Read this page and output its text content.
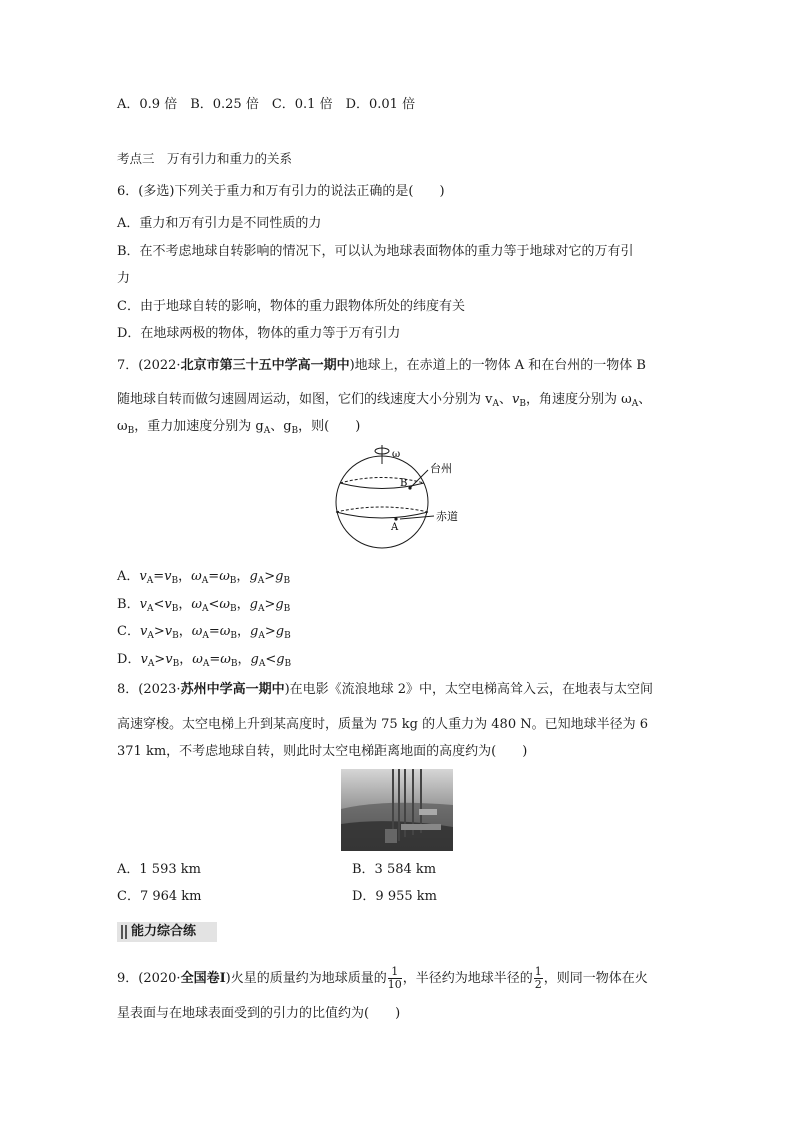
A．0.9 倍　B．0.25 倍　C．0.1 倍　D．0.01 倍
考点三　万有引力和重力的关系
6．(多选)下列关于重力和万有引力的说法正确的是(　　)
A．重力和万有引力是不同性质的力
B．在不考虑地球自转影响的情况下，可以认为地球表面物体的重力等于地球对它的万有引
力
C．由于地球自转的影响，物体的重力跟物体所处的纬度有关
D．在地球两极的物体，物体的重力等于万有引力
7．(2022·北京市第三十五中学高一期中)地球上，在赤道上的一物体 A 和在台州的一物体 B
随地球自转而做匀速圆周运动，如图，它们的线速度大小分别为 $v_A$、$v_B$，角速度分别为 $\omega_A$、
$\omega_B$，重力加速度分别为 $g_A$、$g_B$，则(　　)
ω
台州
B
A
赤道
A．$v_A=v_B$，$\omega_A=\omega_B$，$g_A>g_B$
B．$v_A<v_B$，$\omega_A<\omega_B$，$g_A>g_B$
C．$v_A>v_B$，$\omega_A=\omega_B$，$g_A>g_B$
D．$v_A>v_B$，$\omega_A=\omega_B$，$g_A<g_B$
8．(2023·苏州中学高一期中)在电影《流浪地球 2》中，太空电梯高耸入云，在地表与太空间
高速穿梭。太空电梯上升到某高度时，质量为 75 kg 的人重力为 480 N。已知地球半径为 6
371 km，不考虑地球自转，则此时太空电梯距离地面的高度约为(　　)
A．1 593 km	B．3 584 km
C．7 964 km	D．9 955 km
能力综合练
9．(2020·全国卷Ⅰ)火星的质量约为地球质量的 $\frac{1}{10}$ ，半径约为地球半径的 $\frac{1}{2}$ ，则同一物体在火
星表面与在地球表面受到的引力的比值约为(　　)
